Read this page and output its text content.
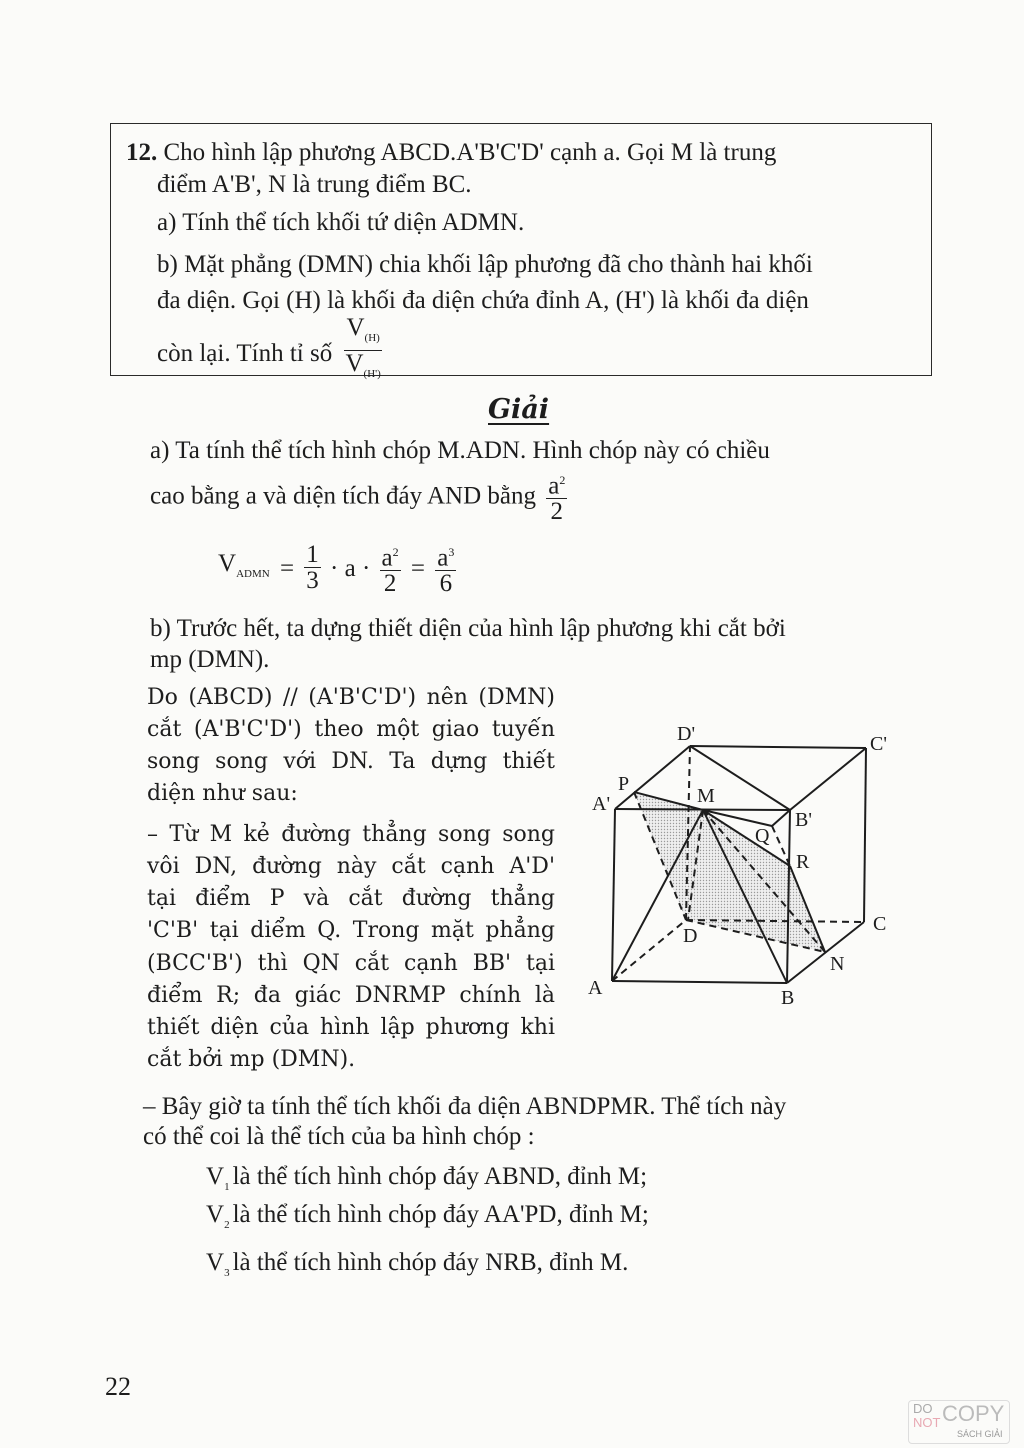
12. Cho hình lập phương ABCD.A'B'C'D' cạnh a. Gọi M là trung
điểm A'B', N là trung điểm BC.
a) Tính thể tích khối tứ diện ADMN.
b) Mặt phẳng (DMN) chia khối lập phương đã cho thành hai khối
đa diện. Gọi (H) là khối đa diện chứa đỉnh A, (H') là khối đa diện
còn lại. Tính tỉ số $\frac{V_{(H)}}{V_{(H')}}$
Giải
a) Ta tính thể tích hình chóp M.ADN. Hình chóp này có chiều
cao bằng a và diện tích đáy AND bằng $\frac{a^2}{2}$
$V_{ADMN} = \frac{1}{3} \cdot a \cdot \frac{a^2}{2} = \frac{a^3}{6}$
b) Trước hết, ta dựng thiết diện của hình lập phương khi cắt bởi
mp (DMN).
Do (ABCD) // (A'B'C'D') nên (DMN)
cắt (A'B'C'D') theo một giao tuyến
song song với DN. Ta dựng thiết
diện như sau:
– Từ M kẻ đường thẳng song song
vôi DN, đường này cắt cạnh A'D'
tại điểm P và cắt đường thẳng
'C'B' tại diểm Q. Trong mặt phẳng
(BCC'B') thì QN cắt cạnh BB' tại
điểm R; đa giác DNRMP chính là
thiết diện của hình lập phương khi
cắt bởi mp (DMN).
D'	C'
P
A'	M
B'
Q
R
C
D
N
A	B
– Bây giờ ta tính thể tích khối đa diện ABNDPMR. Thể tích này
có thể coi là thể tích của ba hình chóp :
$V_1$ là thể tích hình chóp đáy ABND, đỉnh M;
$V_2$ là thể tích hình chóp đáy AA'PD, đỉnh M;
$V_3$ là thể tích hình chóp đáy NRB, đỉnh M.
22
DO
NOT COPY
SÁCH GIẢI
